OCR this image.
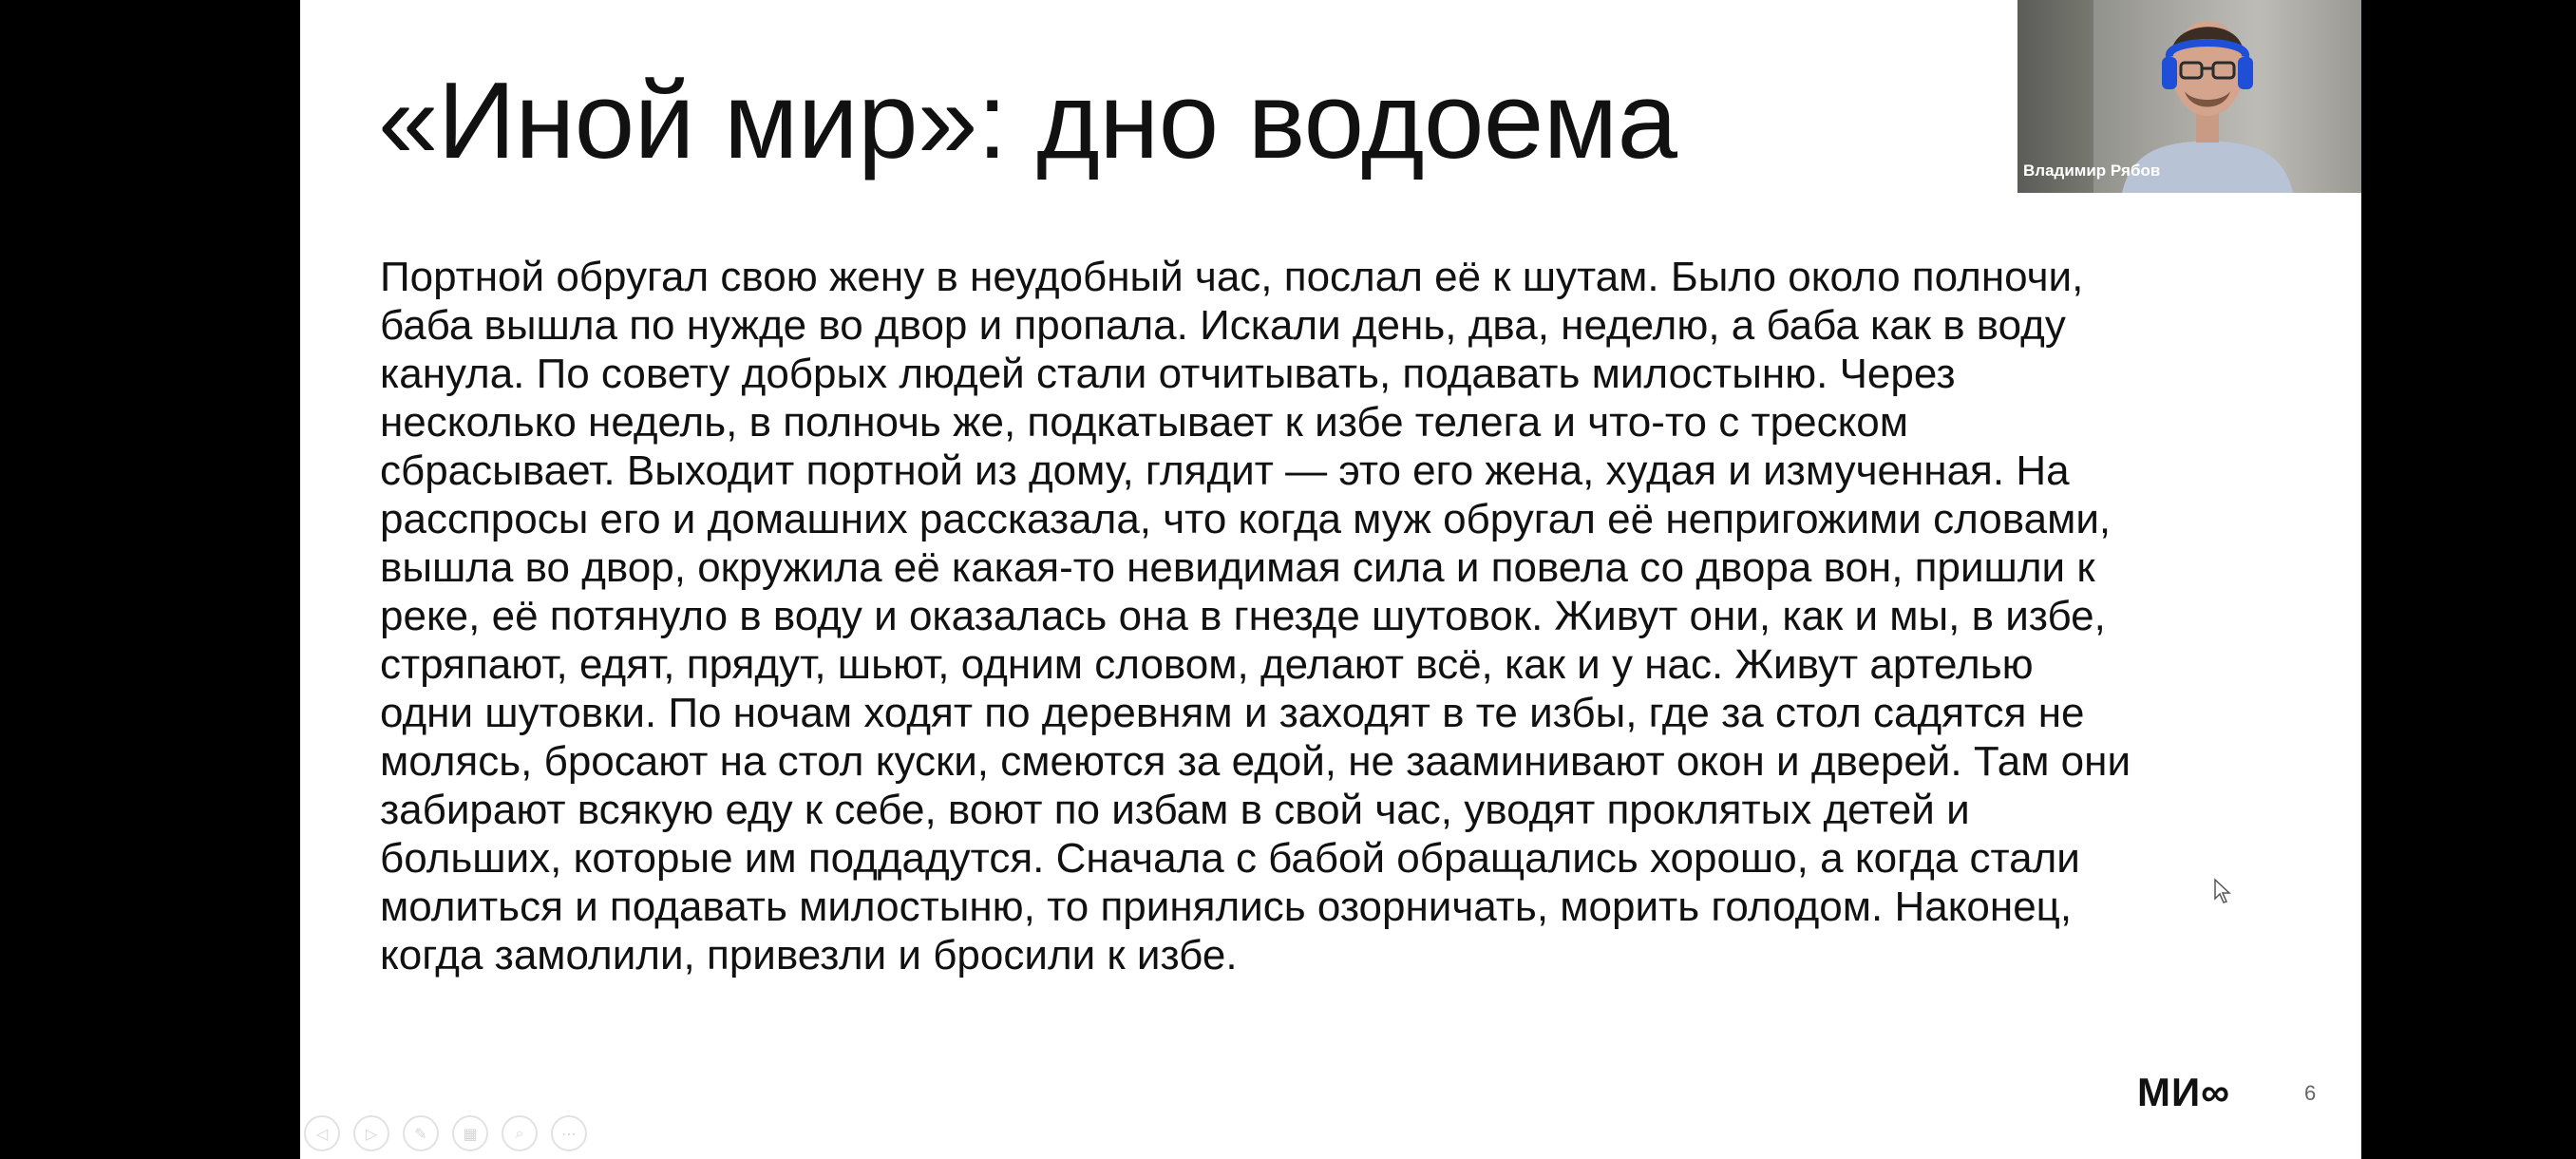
«Иной мир»: дно водоема

Портной обругал свою жену в неудобный час, послал её к шутам. Было около полночи,
баба вышла по нужде во двор и пропала. Искали день, два, неделю, а баба как в воду
канула. По совету добрых людей стали отчитывать, подавать милостыню. Через
несколько недель, в полночь же, подкатывает к избе телега и что-то с треском
сбрасывает. Выходит портной из дому, глядит — это его жена, худая и измученная. На
расспросы его и домашних рассказала, что когда муж обругал её непригожими словами,
вышла во двор, окружила её какая-то невидимая сила и повела со двора вон, пришли к
реке, её потянуло в воду и оказалась она в гнезде шутовок. Живут они, как и мы, в избе,
стряпают, едят, прядут, шьют, одним словом, делают всё, как и у нас. Живут артелью
одни шутовки. По ночам ходят по деревням и заходят в те избы, где за стол садятся не
молясь, бросают на стол куски, смеются за едой, не зааминивают окон и дверей. Там они
забирают всякую еду к себе, воют по избам в свой час, уводят проклятых детей и
больших, которые им поддадутся. Сначала с бабой обращались хорошо, а когда стали
молиться и подавать милостыню, то принялись озорничать, морить голодом. Наконец,
когда замолили, привезли и бросили к избе.

МИ∞	6
◁ ▷ ✎ ▦ ⌕ ⋯
Владимир Рябов
